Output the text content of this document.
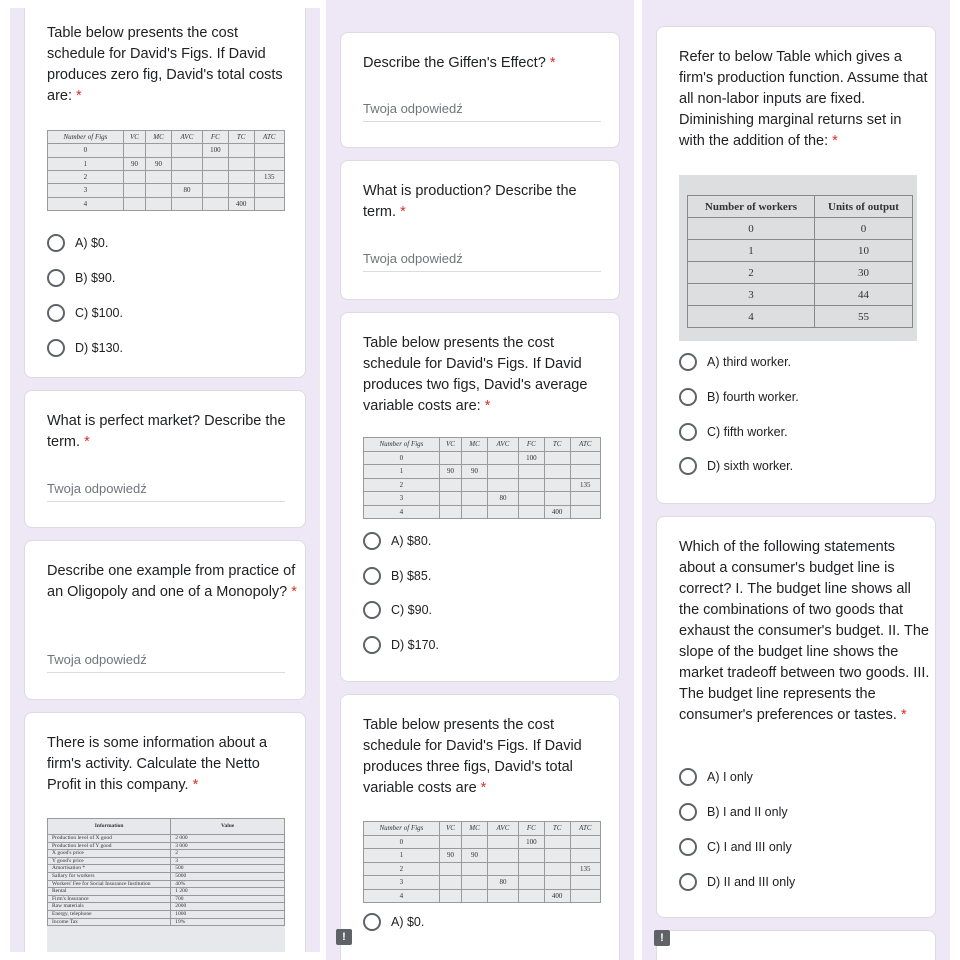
Table below presents the cost schedule for David's Figs. If David produces zero fig, David's total costs are: *
Number of Figs	VC	MC	AVC	FC	TC	ATC
0				100		
1	90	90				
2						135
3			80			
4					400	
A) $0.
B) $90.
C) $100.
D) $130.
What is perfect market? Describe the term. *
Twoja odpowiedź
Describe one example from practice of an Oligopoly and one of a Monopoly? *
Twoja odpowiedź
There is some information about a firm's activity. Calculate the Netto Profit in this company. *
Information	Value
Production level of X good	2 000
Production level of Y good	3 000
X good's price	2
Y good's price	3
Amortisation *	500
Sallary for workers	5000
Workers' Fee for Social Insurance Institution	40%
Rental	1 200
Firm's Insurance	700
Raw materials	2000
Energy, telephone	1000
Income Tax	19%
Describe the Giffen's Effect? *
Twoja odpowiedź
What is production? Describe the term. *
Twoja odpowiedź
Table below presents the cost schedule for David's Figs. If David produces two figs, David's average variable costs are: *
Number of Figs	VC	MC	AVC	FC	TC	ATC
0				100		
1	90	90				
2						135
3			80			
4					400	
A) $80.
B) $85.
C) $90.
D) $170.
Table below presents the cost schedule for David's Figs. If David produces three figs, David's total variable costs are *
Number of Figs	VC	MC	AVC	FC	TC	ATC
0				100		
1	90	90				
2						135
3			80			
4					400	
A) $0.
!
Refer to below Table which gives a firm's production function. Assume that all non-labor inputs are fixed. Diminishing marginal returns set in with the addition of the: *
Number of workers	Units of output
0	0
1	10
2	30
3	44
4	55
A) third worker.
B) fourth worker.
C) fifth worker.
D) sixth worker.
Which of the following statements about a consumer's budget line is correct? I. The budget line shows all the combinations of two goods that exhaust the consumer's budget. II. The slope of the budget line shows the market tradeoff between two goods. III. The budget line represents the consumer's preferences or tastes. *
A) I only
B) I and II only
C) I and III only
D) II and III only
!
